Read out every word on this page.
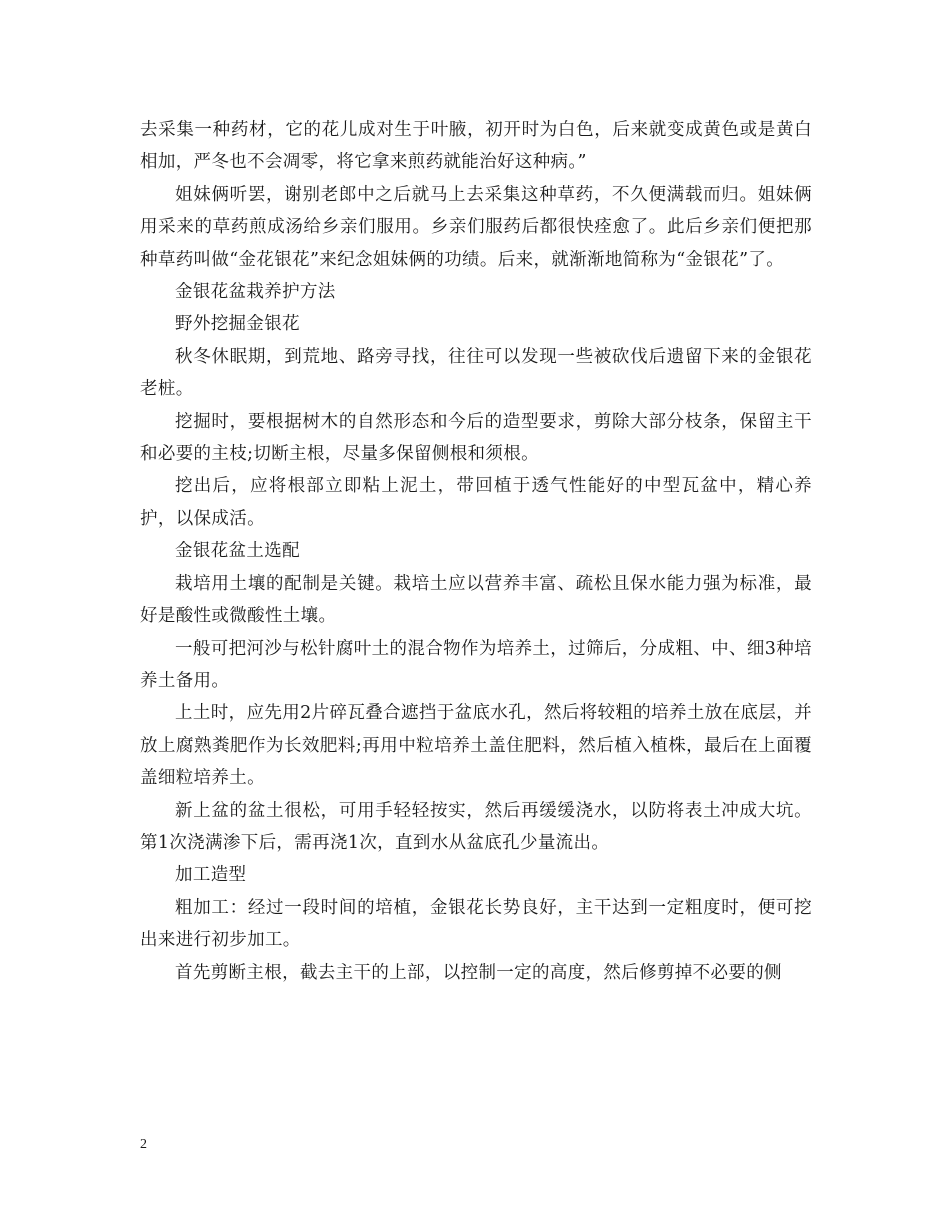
去采集一种药材，它的花儿成对生于叶腋，初开时为白色，后来就变成黄色或是黄白相加，严冬也不会凋零，将它拿来煎药就能治好这种病。”

姐妹俩听罢，谢别老郎中之后就马上去采集这种草药，不久便满载而归。姐妹俩用采来的草药煎成汤给乡亲们服用。乡亲们服药后都很快痊愈了。此后乡亲们便把那种草药叫做“金花银花”来纪念姐妹俩的功绩。后来，就渐渐地简称为“金银花”了。

金银花盆栽养护方法

野外挖掘金银花

秋冬休眠期，到荒地、路旁寻找，往往可以发现一些被砍伐后遗留下来的金银花老桩。

挖掘时，要根据树木的自然形态和今后的造型要求，剪除大部分枝条，保留主干和必要的主枝;切断主根，尽量多保留侧根和须根。

挖出后，应将根部立即粘上泥土，带回植于透气性能好的中型瓦盆中，精心养护，以保成活。

金银花盆土选配

栽培用土壤的配制是关键。栽培土应以营养丰富、疏松且保水能力强为标准，最好是酸性或微酸性土壤。

一般可把河沙与松针腐叶土的混合物作为培养土，过筛后，分成粗、中、细3种培养土备用。

上土时，应先用2片碎瓦叠合遮挡于盆底水孔，然后将较粗的培养土放在底层，并放上腐熟粪肥作为长效肥料;再用中粒培养土盖住肥料，然后植入植株，最后在上面覆盖细粒培养土。

新上盆的盆土很松，可用手轻轻按实，然后再缓缓浇水，以防将表土冲成大坑。第1次浇满渗下后，需再浇1次，直到水从盆底孔少量流出。

加工造型

粗加工：经过一段时间的培植，金银花长势良好，主干达到一定粗度时，便可挖出来进行初步加工。

首先剪断主根，截去主干的上部，以控制一定的高度，然后修剪掉不必要的侧

2
